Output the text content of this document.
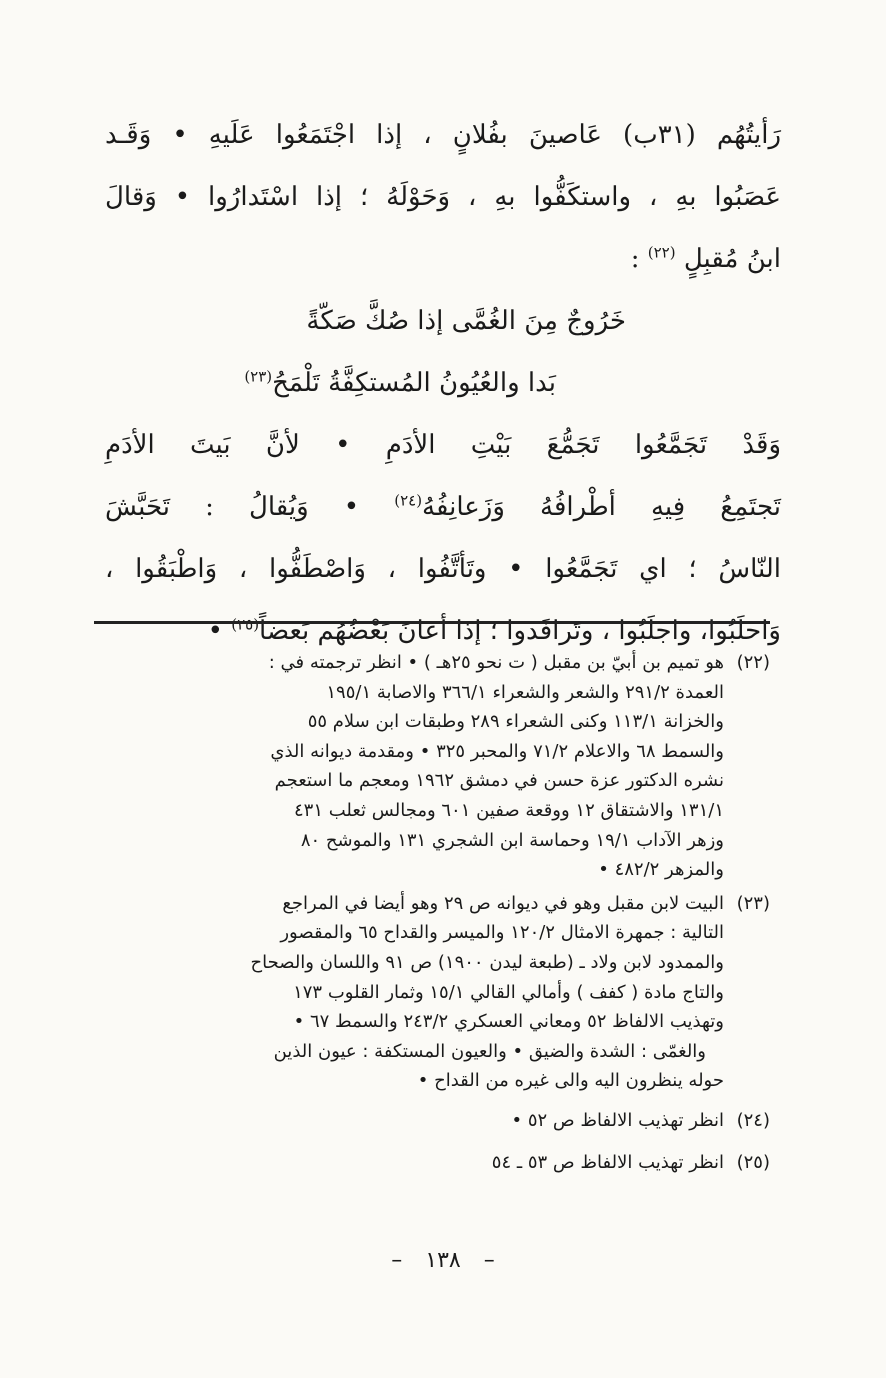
رَأيتُهُم (٣١ب) عَاصينَ بفُلانٍ ، إذا اجْتَمَعُوا عَلَيهِ • وَقَـد
عَصَبُوا بهِ ، واستكَفُّوا بهِ ، وَحَوْلَهُ ؛ إذا اسْتَدارُوا • وَقالَ
ابنُ مُقبِلٍ $^{(٢٢)}$ :
خَرُوجٌ مِنَ الغُمَّى إذا صُكَّ صَكّةً
بَدا والعُيُونُ المُستكِفَّةُ تَلْمَحُ$^{(٢٣)}$
وَقَدْ تَجَمَّعُوا تَجَمُّعَ بَيْتِ الأدَمِ • لأنَّ بَيتَ الأدَمِ
تَجتَمِعُ فِيهِ أطْرافُهُ وَزَعانِفُهُ$^{(٢٤)}$ • وَيُقالُ : تَحَبَّشَ
النّاسُ ؛ اي تَجَمَّعُوا • وتَأتَّفُوا ، وَاصْطَفُّوا ، وَاطْبَقُوا ،
وَاحلَبُوا، واجلَبُوا ، وتَرافَدوا ؛ إذا أعانَ بَعْضُهُم بَعضاً$^{(٢٥)}$ •
(٢٢)
هو تميم بن أبيّ بن مقبل ( ت نحو ٢٥هـ ) • انظر ترجمته في :
العمدة ٢٩١/٢ والشعر والشعراء ٣٦٦/١ والاصابة ١٩٥/١
والخزانة ١١٣/١ وكنى الشعراء ٢٨٩ وطبقات ابن سلام ٥٥
والسمط ٦٨ والاعلام ٧١/٢ والمحبر ٣٢٥ • ومقدمة ديوانه الذي
نشره الدكتور عزة حسن في دمشق ١٩٦٢ ومعجم ما استعجم
١٣١/١ والاشتقاق ١٢ ووقعة صفين ٦٠١ ومجالس ثعلب ٤٣١
وزهر الآداب ١٩/١ وحماسة ابن الشجري ١٣١ والموشح ٨٠
والمزهر ٤٨٢/٢ •
(٢٣)
البيت لابن مقبل وهو في ديوانه ص ٢٩ وهو أيضا في المراجع
التالية : جمهرة الامثال ١٢٠/٢ والميسر والقداح ٦٥ والمقصور
والممدود لابن ولاد ـ (طبعة ليدن ١٩٠٠) ص ٩١ واللسان والصحاح
والتاج مادة ( كفف ) وأمالي القالي ١٥/١ وثمار القلوب ١٧٣
وتهذيب الالفاظ ٥٢ ومعاني العسكري ٢٤٣/٢ والسمط ٦٧ •
والغمّى : الشدة والضيق • والعيون المستكفة : عيون الذين
حوله ينظرون اليه والى غيره من القداح •
(٢٤)
انظر تهذيب الالفاظ ص ٥٢ •
(٢٥)
انظر تهذيب الالفاظ ص ٥٣ ـ ٥٤
– ١٣٨ –
